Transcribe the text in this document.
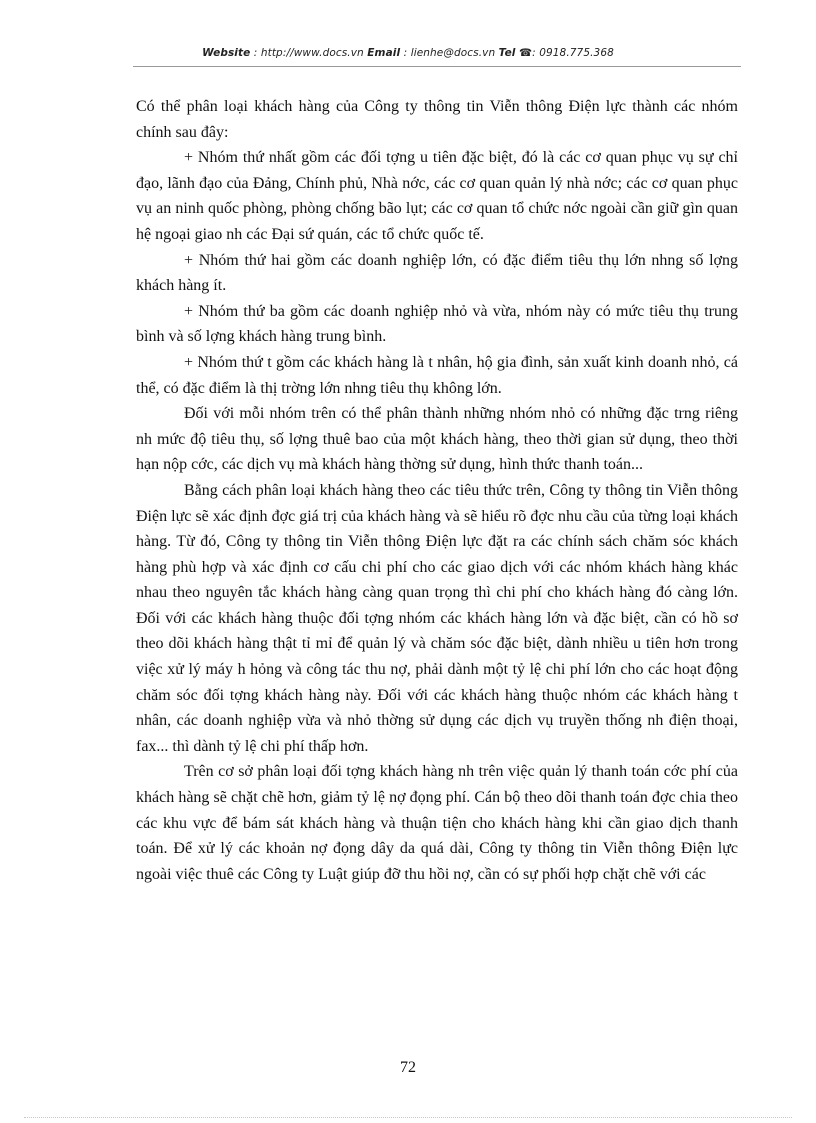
Website : http://www.docs.vn Email : lienhe@docs.vn Tel ☎: 0918.775.368

Có thể phân loại khách hàng của Công ty thông tin Viễn thông Điện lực thành các nhóm chính sau đây:

+ Nhóm thứ nhất gồm các đối tợng u tiên đặc biệt, đó là các cơ quan phục vụ sự chỉ đạo, lãnh đạo của Đảng, Chính phủ, Nhà nớc, các cơ quan quản lý nhà nớc; các cơ quan phục vụ an ninh quốc phòng, phòng chống bão lụt; các cơ quan tổ chức nớc ngoài cần giữ gìn quan hệ ngoại giao nh các Đại sứ quán, các tổ chức quốc tế.

+ Nhóm thứ hai gồm các doanh nghiệp lớn, có đặc điểm tiêu thụ lớn nhng số lợng khách hàng ít.

+ Nhóm thứ ba gồm các doanh nghiệp nhỏ và vừa, nhóm này có mức tiêu thụ trung bình và số lợng khách hàng trung bình.

+ Nhóm thứ t gồm các khách hàng là t nhân, hộ gia đình, sản xuất kinh doanh nhỏ, cá thể, có đặc điểm là thị trờng lớn nhng tiêu thụ không lớn.

Đối với mỗi nhóm trên có thể phân thành những nhóm nhỏ có những đặc trng riêng nh mức độ tiêu thụ, số lợng thuê bao của một khách hàng, theo thời gian sử dụng, theo thời hạn nộp cớc, các dịch vụ mà khách hàng thờng sử dụng, hình thức thanh toán...

Bằng cách phân loại khách hàng theo các tiêu thức trên, Công ty thông tin Viễn thông Điện lực sẽ xác định đợc giá trị của khách hàng và sẽ hiểu rõ đợc nhu cầu của từng loại khách hàng. Từ đó, Công ty thông tin Viễn thông Điện lực đặt ra các chính sách chăm sóc khách hàng phù hợp và xác định cơ cấu chi phí cho các giao dịch với các nhóm khách hàng khác nhau theo nguyên tắc khách hàng càng quan trọng thì chi phí cho khách hàng đó càng lớn. Đối với các khách hàng thuộc đối tợng nhóm các khách hàng lớn và đặc biệt, cần có hồ sơ theo dõi khách hàng thật tỉ mỉ để quản lý và chăm sóc đặc biệt, dành nhiều u tiên hơn trong việc xử lý máy h hỏng và công tác thu nợ, phải dành một tỷ lệ chi phí lớn cho các hoạt động chăm sóc đối tợng khách hàng này. Đối với các khách hàng thuộc nhóm các khách hàng t nhân, các doanh nghiệp vừa và nhỏ thờng sử dụng các dịch vụ truyền thống nh điện thoại, fax... thì dành tỷ lệ chi phí thấp hơn.

Trên cơ sở phân loại đối tợng khách hàng nh trên việc quản lý thanh toán cớc phí của khách hàng sẽ chặt chẽ hơn, giảm tỷ lệ nợ đọng phí. Cán bộ theo dõi thanh toán đợc chia theo các khu vực để bám sát khách hàng và thuận tiện cho khách hàng khi cần giao dịch thanh toán. Để xử lý các khoản nợ đọng dây da quá dài, Công ty thông tin Viễn thông Điện lực ngoài việc thuê các Công ty Luật giúp đỡ thu hồi nợ, cần có sự phối hợp chặt chẽ với các

72
